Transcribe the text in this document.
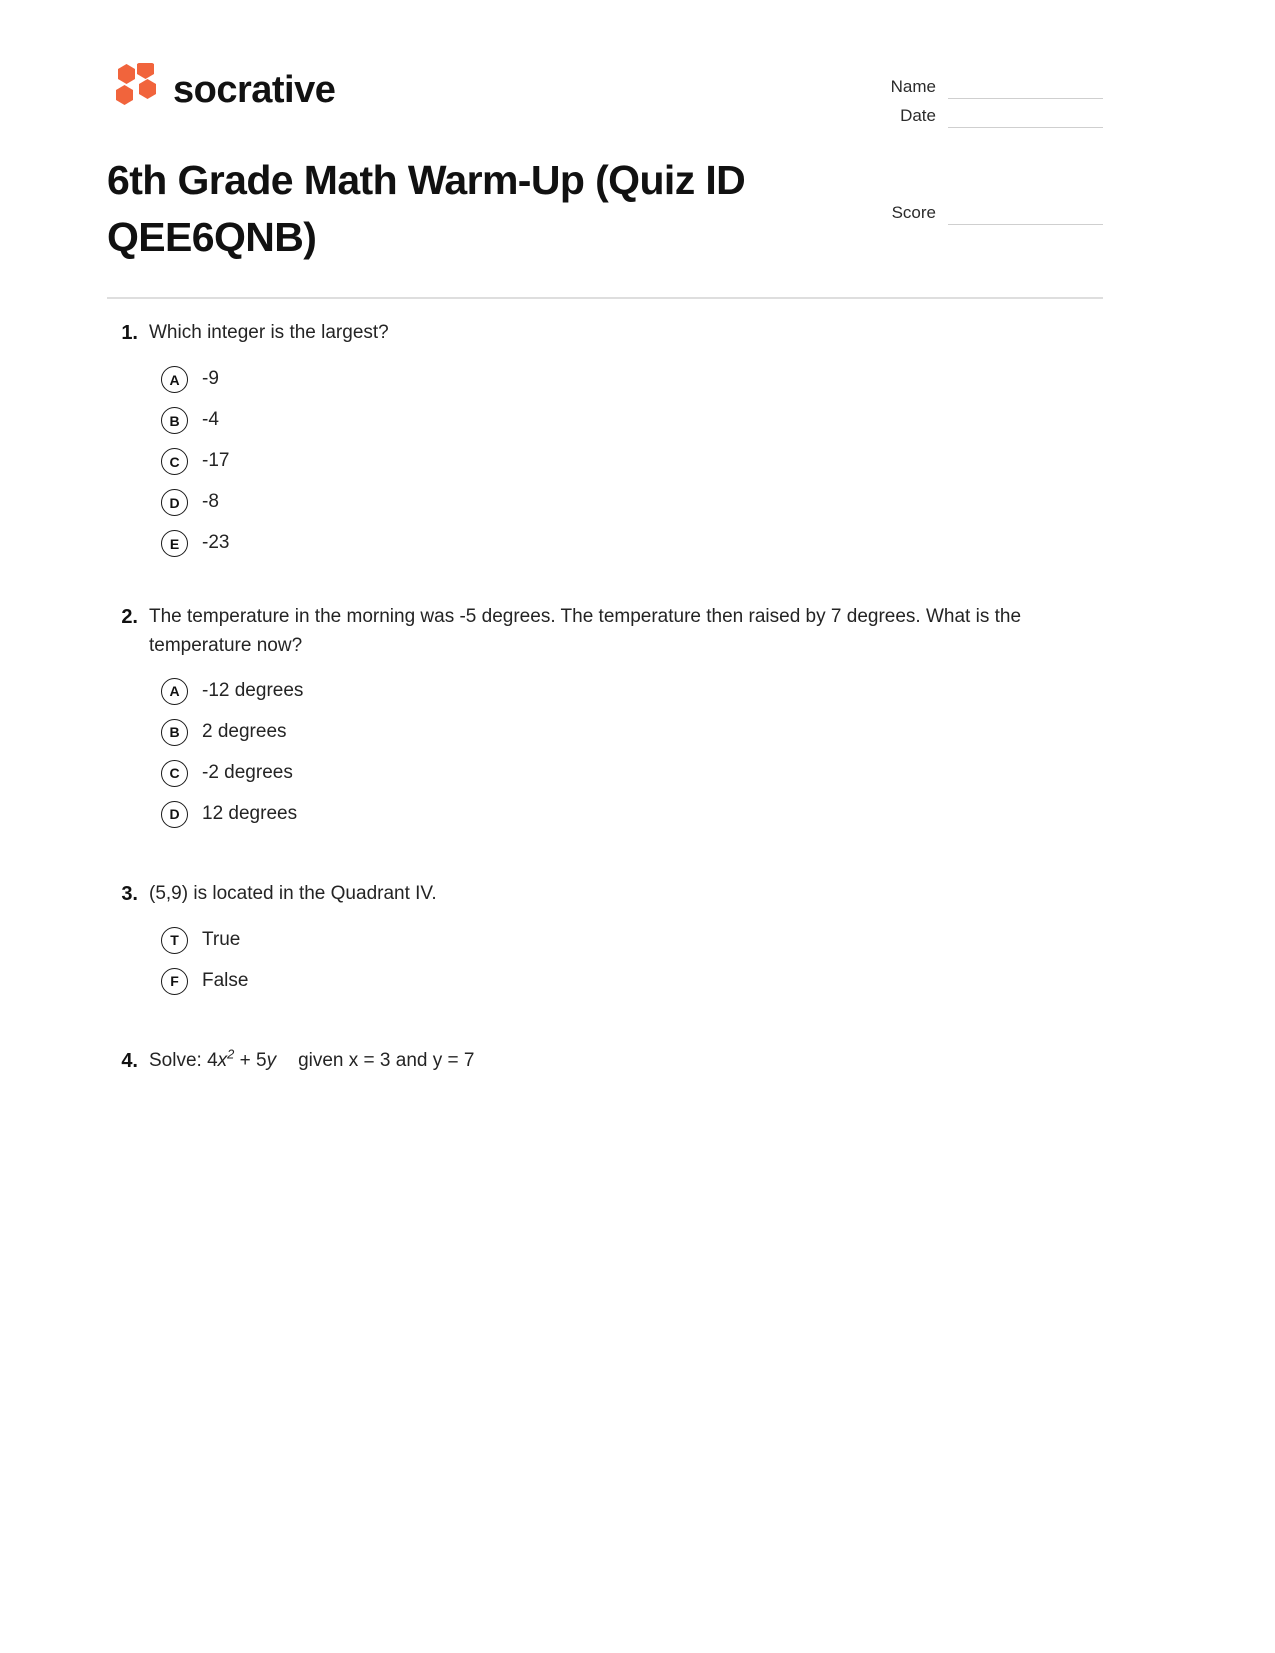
socrative	Name
Date
Score
6th Grade Math Warm-Up (Quiz ID QEE6QNB)
1. Which integer is the largest?
A	-9
B	-4
C	-17
D	-8
E	-23
2. The temperature in the morning was -5 degrees. The temperature then raised by 7 degrees. What is the temperature now?
A	-12 degrees
B	2 degrees
C	-2 degrees
D	12 degrees
3. (5,9) is located in the Quadrant IV.
T	True
F	False
4. Solve: $4x^2 + 5y$ given x = 3 and y = 7
